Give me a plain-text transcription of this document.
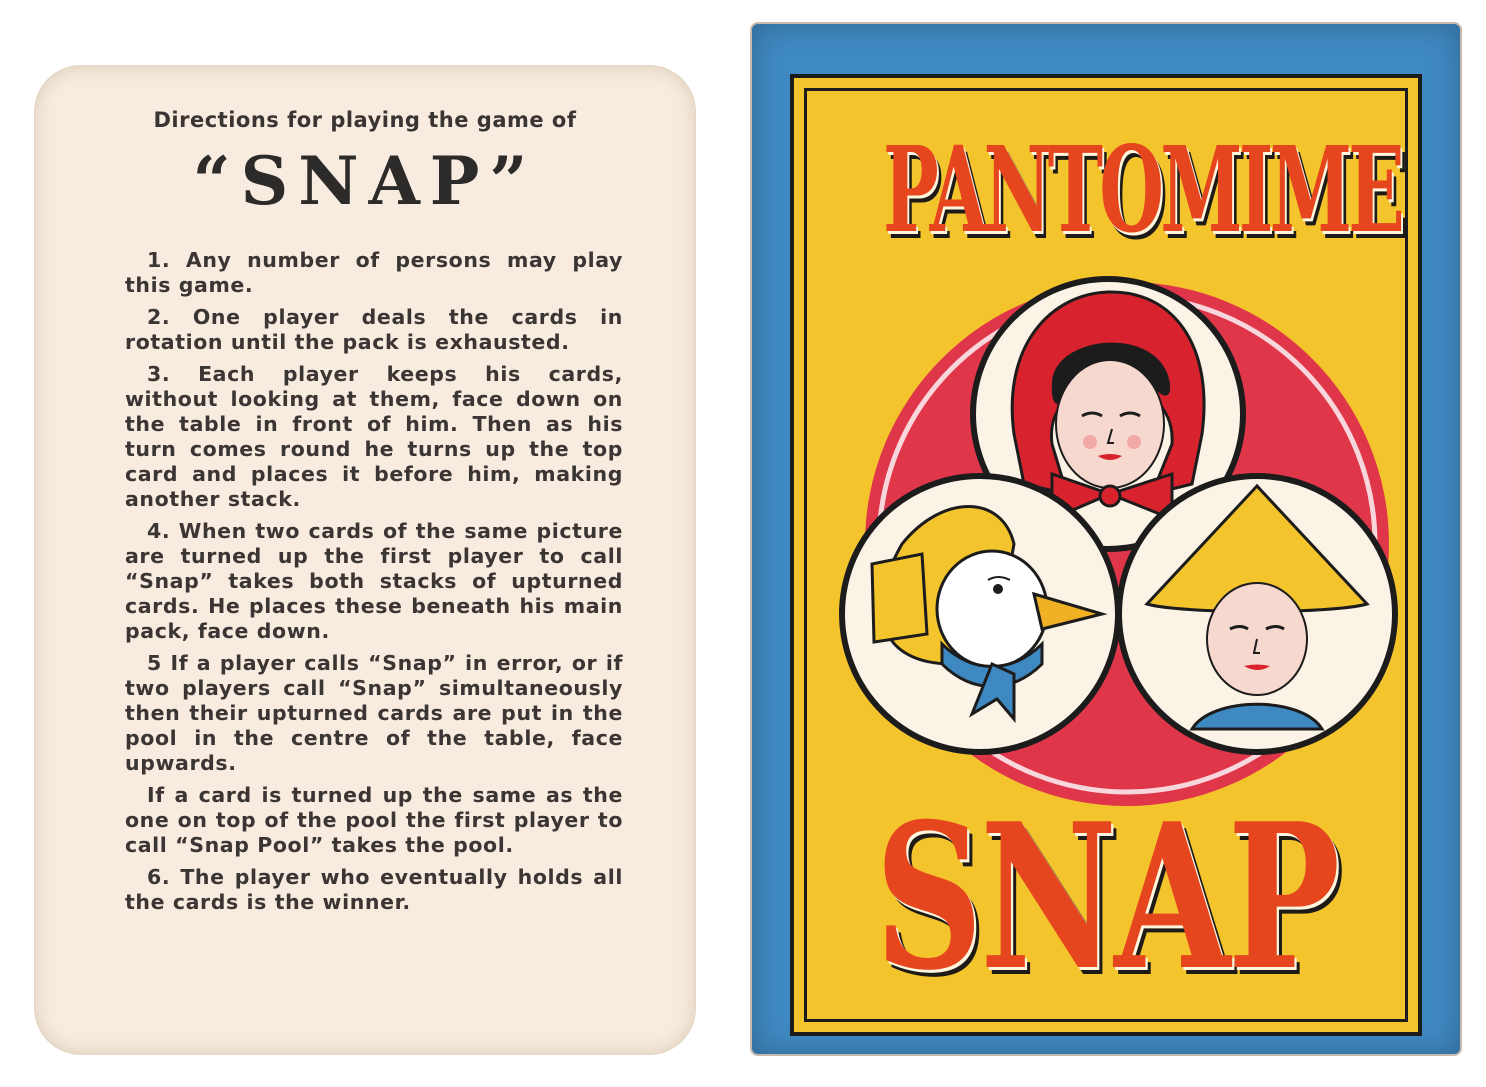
Directions for playing the game of
“SNAP”

1. Any number of persons may play this game.

2. One player deals the cards in rotation until the pack is exhausted.

3. Each player keeps his cards, without looking at them, face down on the table in front of him. Then as his turn comes round he turns up the top card and places it before him, making another stack.

4. When two cards of the same picture are turned up the first player to call “Snap” takes both stacks of upturned cards. He places these beneath his main pack, face down.

5 If a player calls “Snap” in error, or if two players call “Snap” simultaneously then their upturned cards are put in the pool in the centre of the table, face upwards.

If a card is turned up the same as the one on top of the pool the first player to call “Snap Pool” takes the pool.

6. The player who eventually holds all the cards is the winner.

PANTOMIME
SNAP
